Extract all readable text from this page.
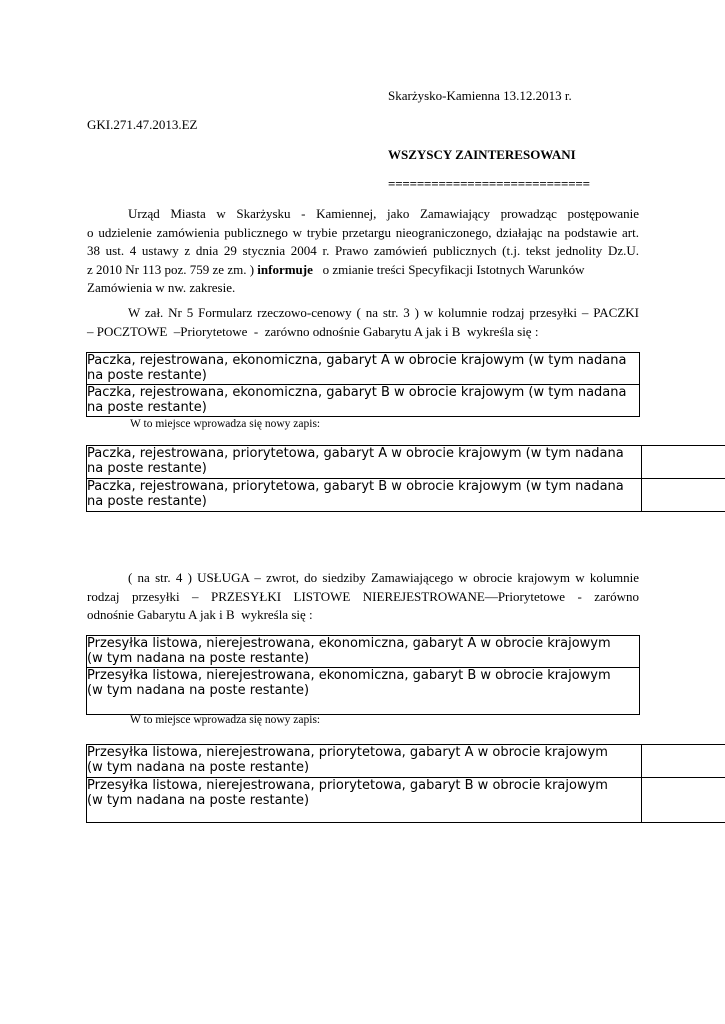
Skarżysko-Kamienna 13.12.2013 r.
GKI.271.47.2013.EZ
WSZYSCY ZAINTERESOWANI
============================
Urząd Miasta w Skarżysku - Kamiennej, jako Zamawiający prowadząc postępowanie
o udzielenie zamówienia publicznego w trybie przetargu nieograniczonego, działając na podstawie art.
38 ust. 4 ustawy z dnia 29 stycznia 2004 r. Prawo zamówień publicznych (t.j. tekst jednolity Dz.U.
z 2010 Nr 113 poz. 759 ze zm. ) informuje   o zmianie treści Specyfikacji Istotnych Warunków
Zamówienia w nw. zakresie.
W zał. Nr 5 Formularz rzeczowo-cenowy ( na str. 3 ) w kolumnie rodzaj przesyłki – PACZKI
– POCZTOWE  –Priorytetowe  -  zarówno odnośnie Gabarytu A jak i B  wykreśla się :
Paczka, rejestrowana, ekonomiczna, gabaryt A w obrocie krajowym (w tym nadana
na poste restante)

Paczka, rejestrowana, ekonomiczna, gabaryt B w obrocie krajowym (w tym nadana
na poste restante)
W to miejsce wprowadza się nowy zapis:
Paczka, rejestrowana, priorytetowa, gabaryt A w obrocie krajowym (w tym nadana
na poste restante)	

Paczka, rejestrowana, priorytetowa, gabaryt B w obrocie krajowym (w tym nadana
na poste restante)	

( na str. 4 ) USŁUGA – zwrot, do siedziby Zamawiającego w obrocie krajowym w kolumnie
rodzaj przesyłki – PRZESYŁKI LISTOWE NIEREJESTROWANE—Priorytetowe - zarówno
odnośnie Gabarytu A jak i B  wykreśla się :
Przesyłka listowa, nierejestrowana, ekonomiczna, gabaryt A w obrocie krajowym
(w tym nadana na poste restante)

Przesyłka listowa, nierejestrowana, ekonomiczna, gabaryt B w obrocie krajowym
(w tym nadana na poste restante)
W to miejsce wprowadza się nowy zapis:
Przesyłka listowa, nierejestrowana, priorytetowa, gabaryt A w obrocie krajowym
(w tym nadana na poste restante)	

Przesyłka listowa, nierejestrowana, priorytetowa, gabaryt B w obrocie krajowym
(w tym nadana na poste restante)	
